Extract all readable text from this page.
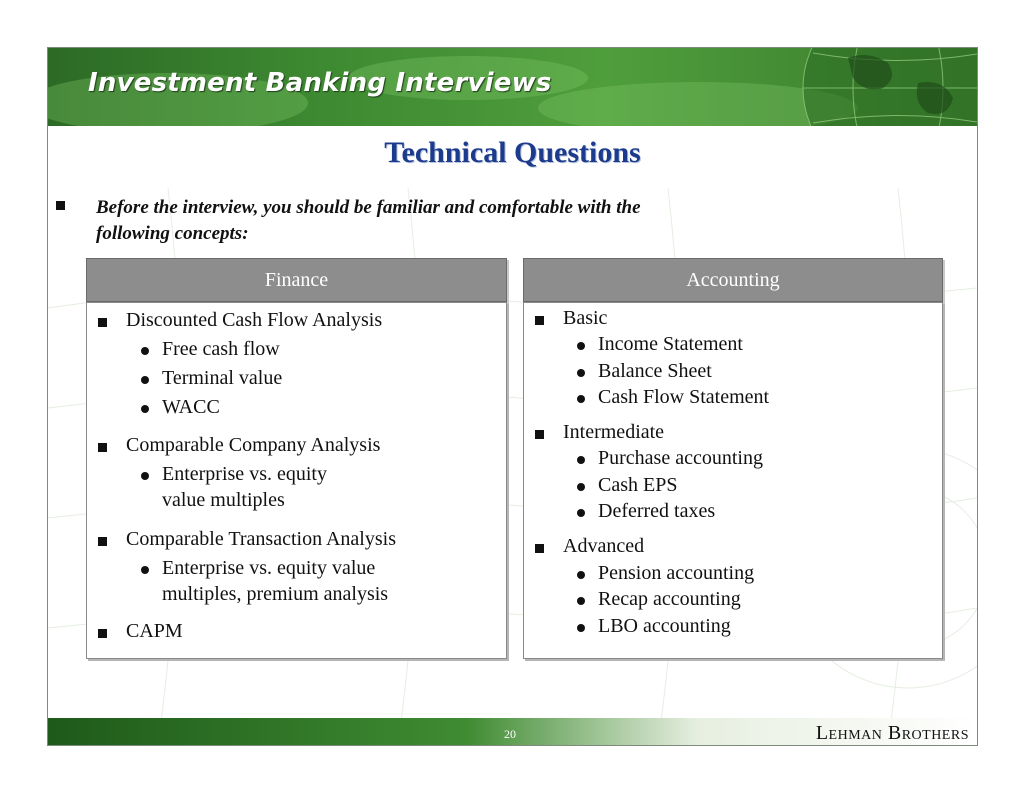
Investment Banking Interviews
Technical Questions
Before the interview, you should be familiar and comfortable with the
following concepts:
Finance	Accounting
Discounted Cash Flow Analysis
Free cash flow
Terminal value
WACC
Comparable Company Analysis
Enterprise vs. equity
value multiples
Comparable Transaction Analysis
Enterprise vs. equity value
multiples, premium analysis
CAPM
Basic
Income Statement
Balance Sheet
Cash Flow Statement
Intermediate
Purchase accounting
Cash EPS
Deferred taxes
Advanced
Pension accounting
Recap accounting
LBO accounting
20	Lehman Brothers
